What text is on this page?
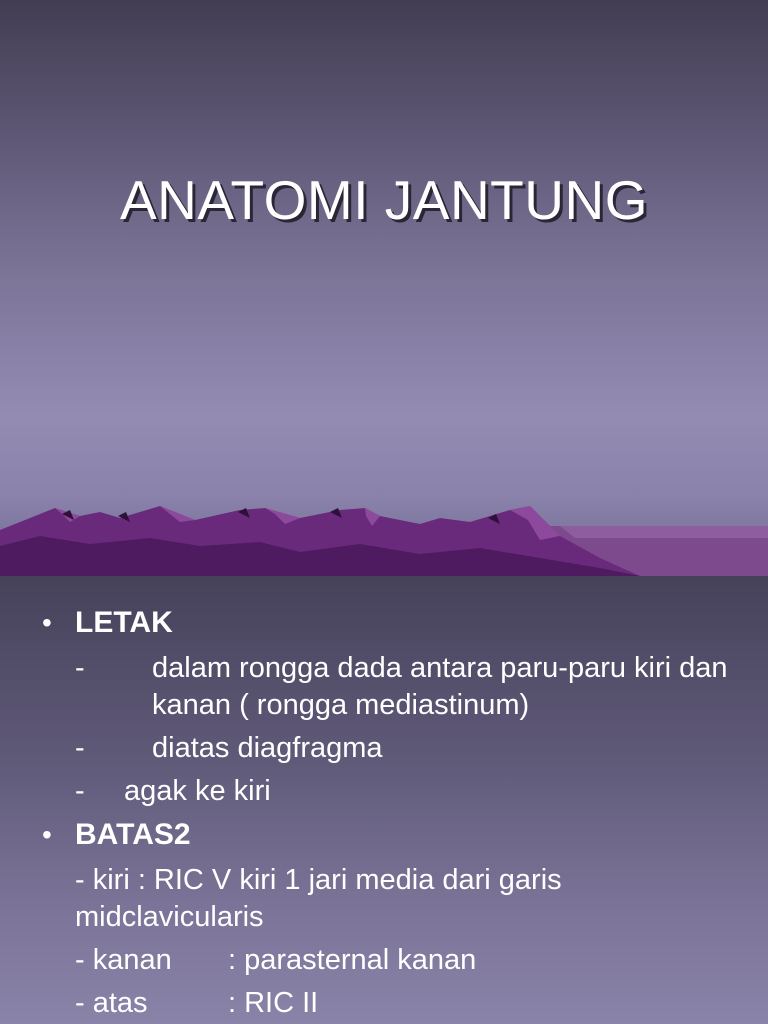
ANATOMI JANTUNG
• LETAK
-	dalam rongga dada antara paru-paru kiri dan kanan ( rongga mediastinum)
-	diatas diagfragma
-	agak ke kiri
• BATAS2
- kiri : RIC V kiri 1 jari media dari garis midclavicularis
- kanan : parasternal kanan
- atas	: RIC II
